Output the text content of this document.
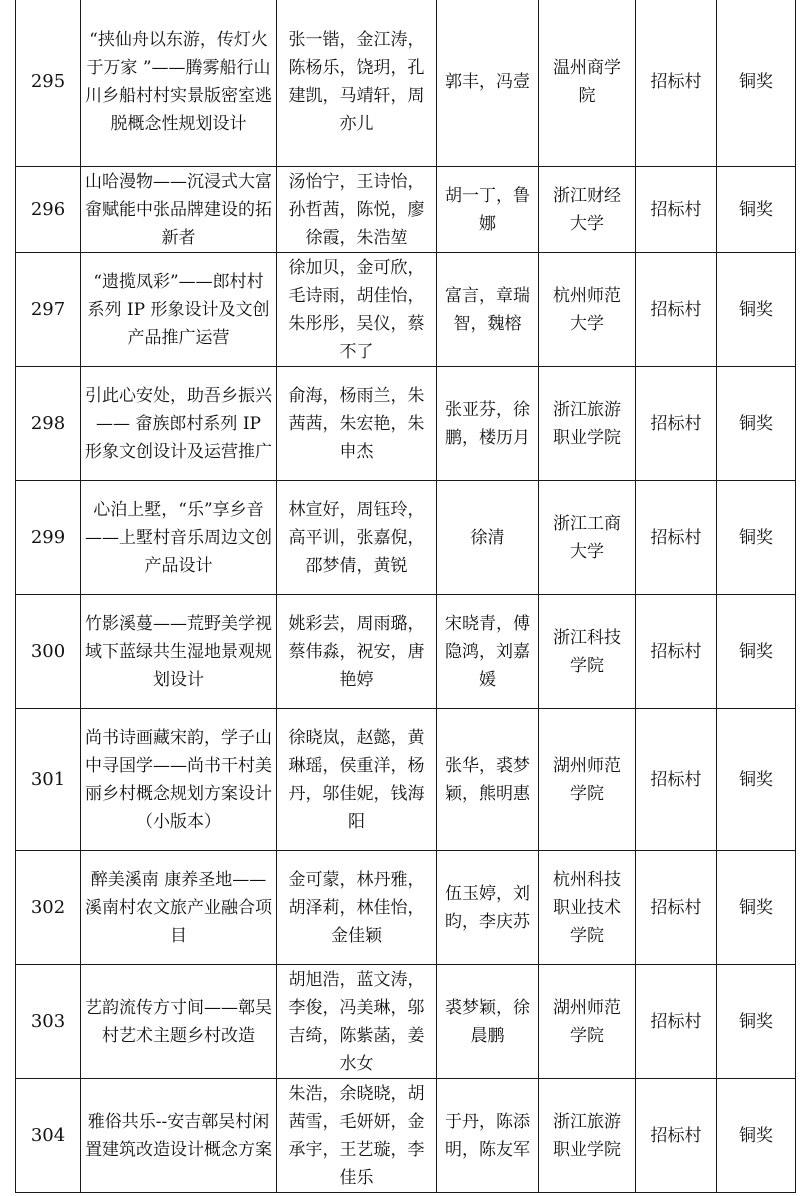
295	“挟仙舟以东游，传灯火于万家 ”——腾雾船行山川乡船村村实景版密室逃脱概念性规划设计	张一锴，金江涛，陈杨乐，饶玥，孔建凯，马靖轩，周亦儿	郭丰，冯壹	温州商学院	招标村	铜奖
296	山哈漫物——沉浸式大富畲赋能中张品牌建设的拓新者	汤怡宁，王诗怡，孙哲茜，陈悦，廖徐霞，朱浩堃	胡一丁，鲁娜	浙江财经大学	招标村	铜奖
297	“遗揽凤彩”——郎村村系列 IP 形象设计及文创产品推广运营	徐加贝，金可欣，毛诗雨，胡佳怡，朱彤彤，吴仪，蔡不了	富言，章瑞智，魏榕	杭州师范大学	招标村	铜奖
298	引此心安处，助吾乡振兴 —— 畲族郎村系列 IP 形象文创设计及运营推广	俞海，杨雨兰，朱茜茜，朱宏艳，朱申杰	张亚芬，徐鹏，楼历月	浙江旅游职业学院	招标村	铜奖
299	心泊上墅，“乐”享乡音——上墅村音乐周边文创产品设计	林宣好，周钰玲，高平训，张嘉倪，邵梦倩，黄锐	徐清	浙江工商大学	招标村	铜奖
300	竹影溪蔓——荒野美学视域下蓝绿共生湿地景观规划设计	姚彩芸，周雨璐，蔡伟淼，祝安，唐艳婷	宋晓青，傅隐鸿，刘嘉媛	浙江科技学院	招标村	铜奖
301	尚书诗画藏宋韵，学子山中寻国学——尚书干村美丽乡村概念规划方案设计（小版本）	徐晓岚，赵懿，黄琳瑶，侯重洋，杨丹，邬佳妮，钱海阳	张华，裘梦颖，熊明惠	湖州师范学院	招标村	铜奖
302	醉美溪南 康养圣地——溪南村农文旅产业融合项目	金可蒙，林丹雅，胡泽莉，林佳怡，金佳颖	伍玉婷，刘昀，李庆苏	杭州科技职业技术学院	招标村	铜奖
303	艺韵流传方寸间——鄣吴村艺术主题乡村改造	胡旭浩，蓝文涛，李俊，冯美琳，邬吉绮，陈紫菡，姜水女	裘梦颖，徐晨鹏	湖州师范学院	招标村	铜奖
304	雅俗共乐--安吉鄣吴村闲置建筑改造设计概念方案	朱浩，余晓晓，胡茜雪，毛妍妍，金承宇，王艺璇，李佳乐	于丹，陈添明，陈友军	浙江旅游职业学院	招标村	铜奖
